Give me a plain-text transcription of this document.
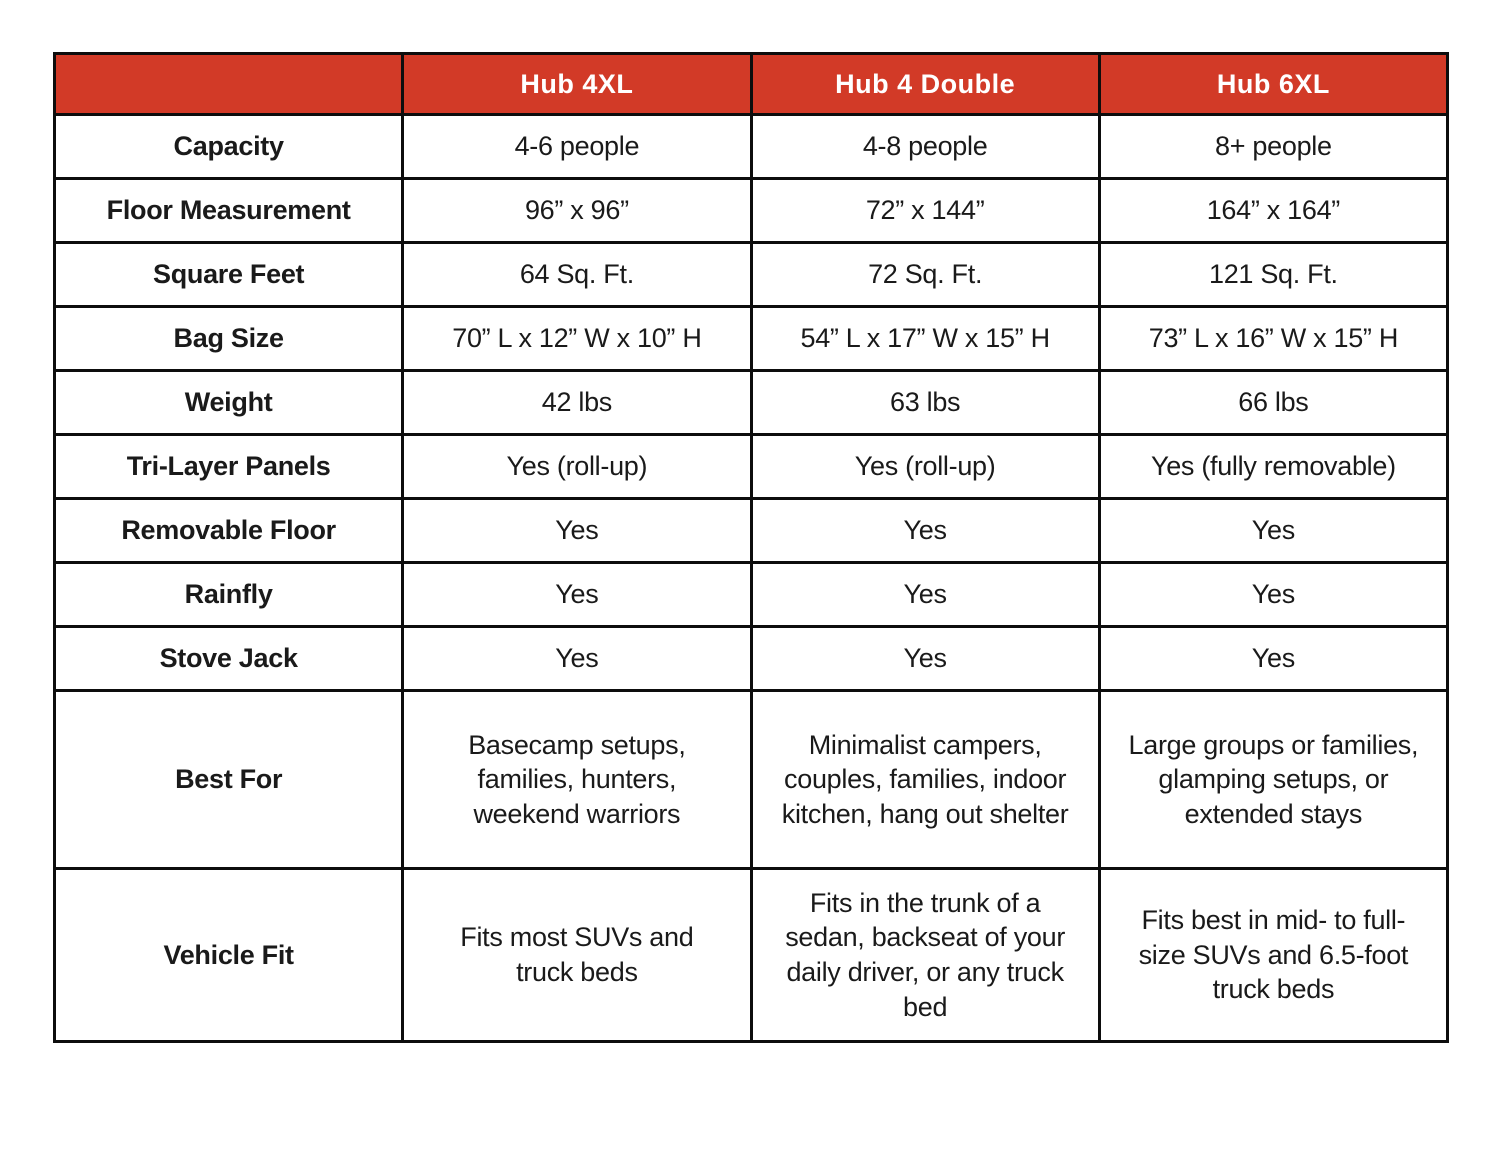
	Hub 4XL	Hub 4 Double	Hub 6XL
Capacity	4-6 people	4-8 people	8+ people
Floor Measurement	96” x 96”	72” x 144”	164” x 164”
Square Feet	64 Sq. Ft.	72 Sq. Ft.	121 Sq. Ft.
Bag Size	70” L x 12” W x 10” H	54” L x 17” W x 15” H	73” L x 16” W x 15” H
Weight	42 lbs	63 lbs	66 lbs
Tri-Layer Panels	Yes (roll-up)	Yes (roll-up)	Yes (fully removable)
Removable Floor	Yes	Yes	Yes
Rainfly	Yes	Yes	Yes
Stove Jack	Yes	Yes	Yes
Best For	Basecamp setups, families, hunters, weekend warriors	Minimalist campers, couples, families, indoor kitchen, hang out shelter	Large groups or families, glamping setups, or extended stays
Vehicle Fit	Fits most SUVs and truck beds	Fits in the trunk of a sedan, backseat of your daily driver, or any truck bed	Fits best in mid- to full-size SUVs and 6.5-foot truck beds
